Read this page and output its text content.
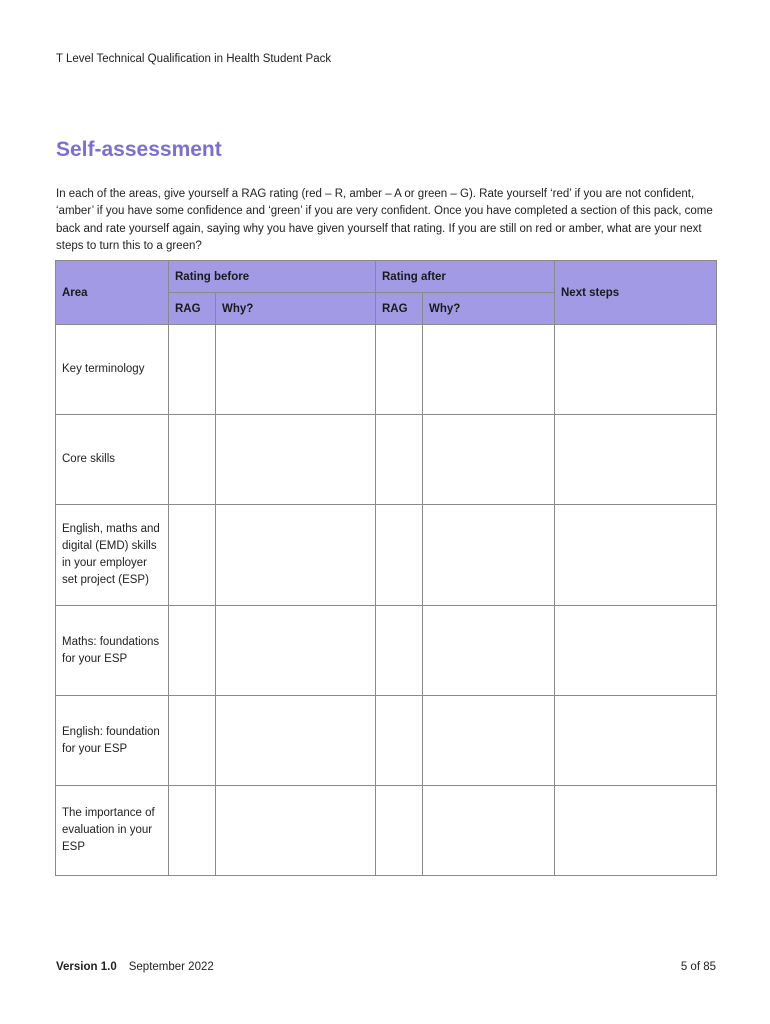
T Level Technical Qualification in Health Student Pack
Self-assessment

In each of the areas, give yourself a RAG rating (red – R, amber – A or green – G). Rate yourself ‘red’ if you are not confident, ‘amber’ if you have some confidence and ‘green’ if you are very confident. Once you have completed a section of this pack, come back and rate yourself again, saying why you have given yourself that rating. If you are still on red or amber, what are your next steps to turn this to a green?

Area	Rating before		Rating after		Next steps
	RAG	Why?	RAG	Why?	
Key terminology					
Core skills					
English, maths and digital (EMD) skills in your employer set project (ESP)					
Maths: foundations for your ESP					
English: foundation for your ESP					
The importance of evaluation in your ESP					
Version 1.0 September 2022	5 of 85
